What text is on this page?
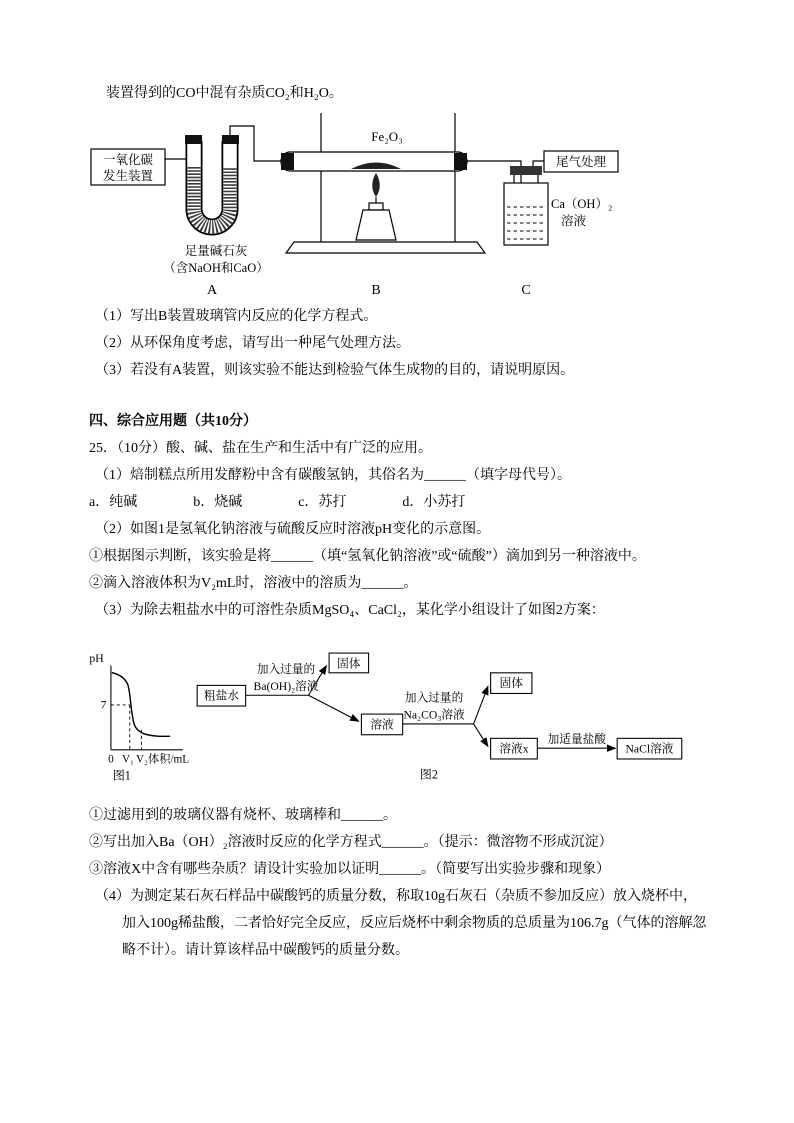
装置得到的CO中混有杂质CO₂和H₂O。

一氧化碳
发生装置
Fe₂O₃
尾气处理
Ca（OH）₂
溶液
足量碱石灰
（含NaOH和CaO）
A	B	C

（1）写出B装置玻璃管内反应的化学方程式。

（2）从环保角度考虑，请写出一种尾气处理方法。

（3）若没有A装置，则该实验不能达到检验气体生成物的目的，请说明原因。

四、综合应用题（共10分）

25．（10分）酸、碱、盐在生产和生活中有广泛的应用。

（1）焙制糕点所用发酵粉中含有碳酸氢钠，其俗名为______（填字母代号）。

a．纯碱　　　　b．烧碱　　　　c．苏打　　　　d．小苏打

（2）如图1是氢氧化钠溶液与硫酸反应时溶液pH变化的示意图。

①根据图示判断，该实验是将______（填“氢氧化钠溶液”或“硫酸”）滴加到另一种溶液中。

②滴入溶液体积为V₂mL时，溶液中的溶质为______。

（3）为除去粗盐水中的可溶性杂质MgSO₄、CaCl₂，某化学小组设计了如图2方案：

pH
7
0 V₁ V₂体积/mL
图1
粗盐水
加入过量的
Ba(OH)₂溶液
固体
溶液
加入过量的
Na₂CO₃溶液
固体
溶液x
加适量盐酸
NaCl溶液
图2

①过滤用到的玻璃仪器有烧杯、玻璃棒和______。

②写出加入Ba（OH）₂溶液时反应的化学方程式______。（提示：微溶物不形成沉淀）

③溶液X中含有哪些杂质？请设计实验加以证明______。（简要写出实验步骤和现象）

（4）为测定某石灰石样品中碳酸钙的质量分数，称取10g石灰石（杂质不参加反应）放入烧杯中，

加入100g稀盐酸，二者恰好完全反应，反应后烧杯中剩余物质的总质量为106.7g（气体的溶解忽

略不计）。请计算该样品中碳酸钙的质量分数。
